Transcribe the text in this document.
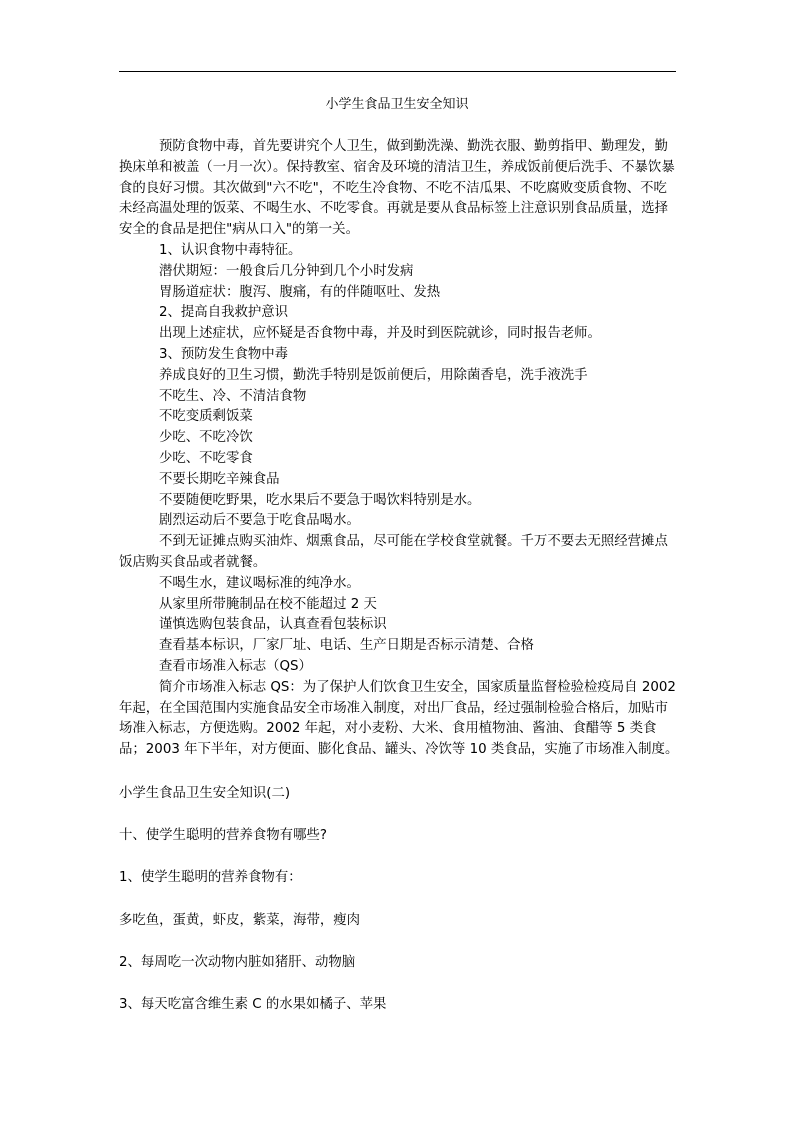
小学生食品卫生安全知识

预防食物中毒，首先要讲究个人卫生，做到勤洗澡、勤洗衣服、勤剪指甲、勤理发，勤换床单和被盖（一月一次）。保持教室、宿舍及环境的清洁卫生，养成饭前便后洗手、不暴饮暴食的良好习惯。其次做到"六不吃"，不吃生冷食物、不吃不洁瓜果、不吃腐败变质食物、不吃未经高温处理的饭菜、不喝生水、不吃零食。再就是要从食品标签上注意识别食品质量，选择安全的食品是把住"病从口入"的第一关。

1、认识食物中毒特征。

潜伏期短：一般食后几分钟到几个小时发病

胃肠道症状：腹泻、腹痛，有的伴随呕吐、发热

2、提高自我救护意识

出现上述症状，应怀疑是否食物中毒，并及时到医院就诊，同时报告老师。

3、预防发生食物中毒

养成良好的卫生习惯，勤洗手特别是饭前便后，用除菌香皂，洗手液洗手

不吃生、冷、不清洁食物

不吃变质剩饭菜

少吃、不吃冷饮

少吃、不吃零食

不要长期吃辛辣食品

不要随便吃野果，吃水果后不要急于喝饮料特别是水。

剧烈运动后不要急于吃食品喝水。

不到无证摊点购买油炸、烟熏食品，尽可能在学校食堂就餐。千万不要去无照经营摊点饭店购买食品或者就餐。

不喝生水，建议喝标准的纯净水。

从家里所带腌制品在校不能超过 2 天

谨慎选购包装食品，认真查看包装标识

查看基本标识，厂家厂址、电话、生产日期是否标示清楚、合格

查看市场准入标志（QS）

简介市场准入标志 QS：为了保护人们饮食卫生安全，国家质量监督检验检疫局自 2002 年起，在全国范围内实施食品安全市场准入制度，对出厂食品，经过强制检验合格后，加贴市场准入标志，方便选购。2002 年起，对小麦粉、大米、食用植物油、酱油、食醋等 5 类食品；2003 年下半年，对方便面、膨化食品、罐头、冷饮等 10 类食品，实施了市场准入制度。

小学生食品卫生安全知识(二)

十、使学生聪明的营养食物有哪些?

1、使学生聪明的营养食物有：

多吃鱼，蛋黄，虾皮，紫菜，海带，瘦肉

2、每周吃一次动物内脏如猪肝、动物脑

3、每天吃富含维生素 C 的水果如橘子、苹果
